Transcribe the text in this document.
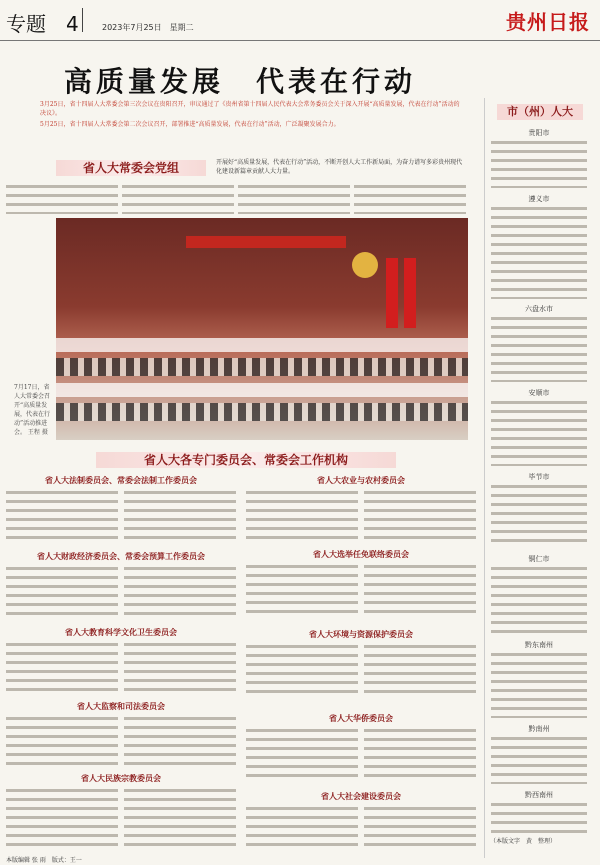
专题　 4	2023年7月25日　星期二	贵州日报
高质量发展　代表在行动

3月25日，省十四届人大常委会第三次会议在贵阳召开，审议通过了《贵州省第十四届人民代表大会常务委员会关于深入开展“高质量发展，代表在行动”活动的决议》。

5月25日，省十四届人大常委会第二次会议召开，部署推进“高质量发展，代表在行动”活动，广泛凝聚发展合力。

省人大常委会党组	开展好“高质量发展，代表在行动”活动，不断开创人大工作新局面，为奋力谱写多彩贵州现代化建设新篇章贡献人大力量。
7月17日，省人大常委会召开“高质量发展，代表在行动”活动推进会。 王程 摄
省人大各专门委员会、常委会工作机构
省人大法制委员会、常委会法制工作委员会	省人大农业与农村委员会
省人大财政经济委员会、常委会预算工作委员会	省人大选举任免联络委员会
省人大教育科学文化卫生委员会	省人大环境与资源保护委员会
省人大监察和司法委员会
省人大华侨委员会
省人大民族宗教委员会
省人大社会建设委员会
市（州）人大
贵阳市
遵义市
六盘水市
安顺市
毕节市
铜仁市
黔东南州
黔南州
黔西南州
（本版文字　黄　整理）
本版编辑 张 雨　版式：王一
